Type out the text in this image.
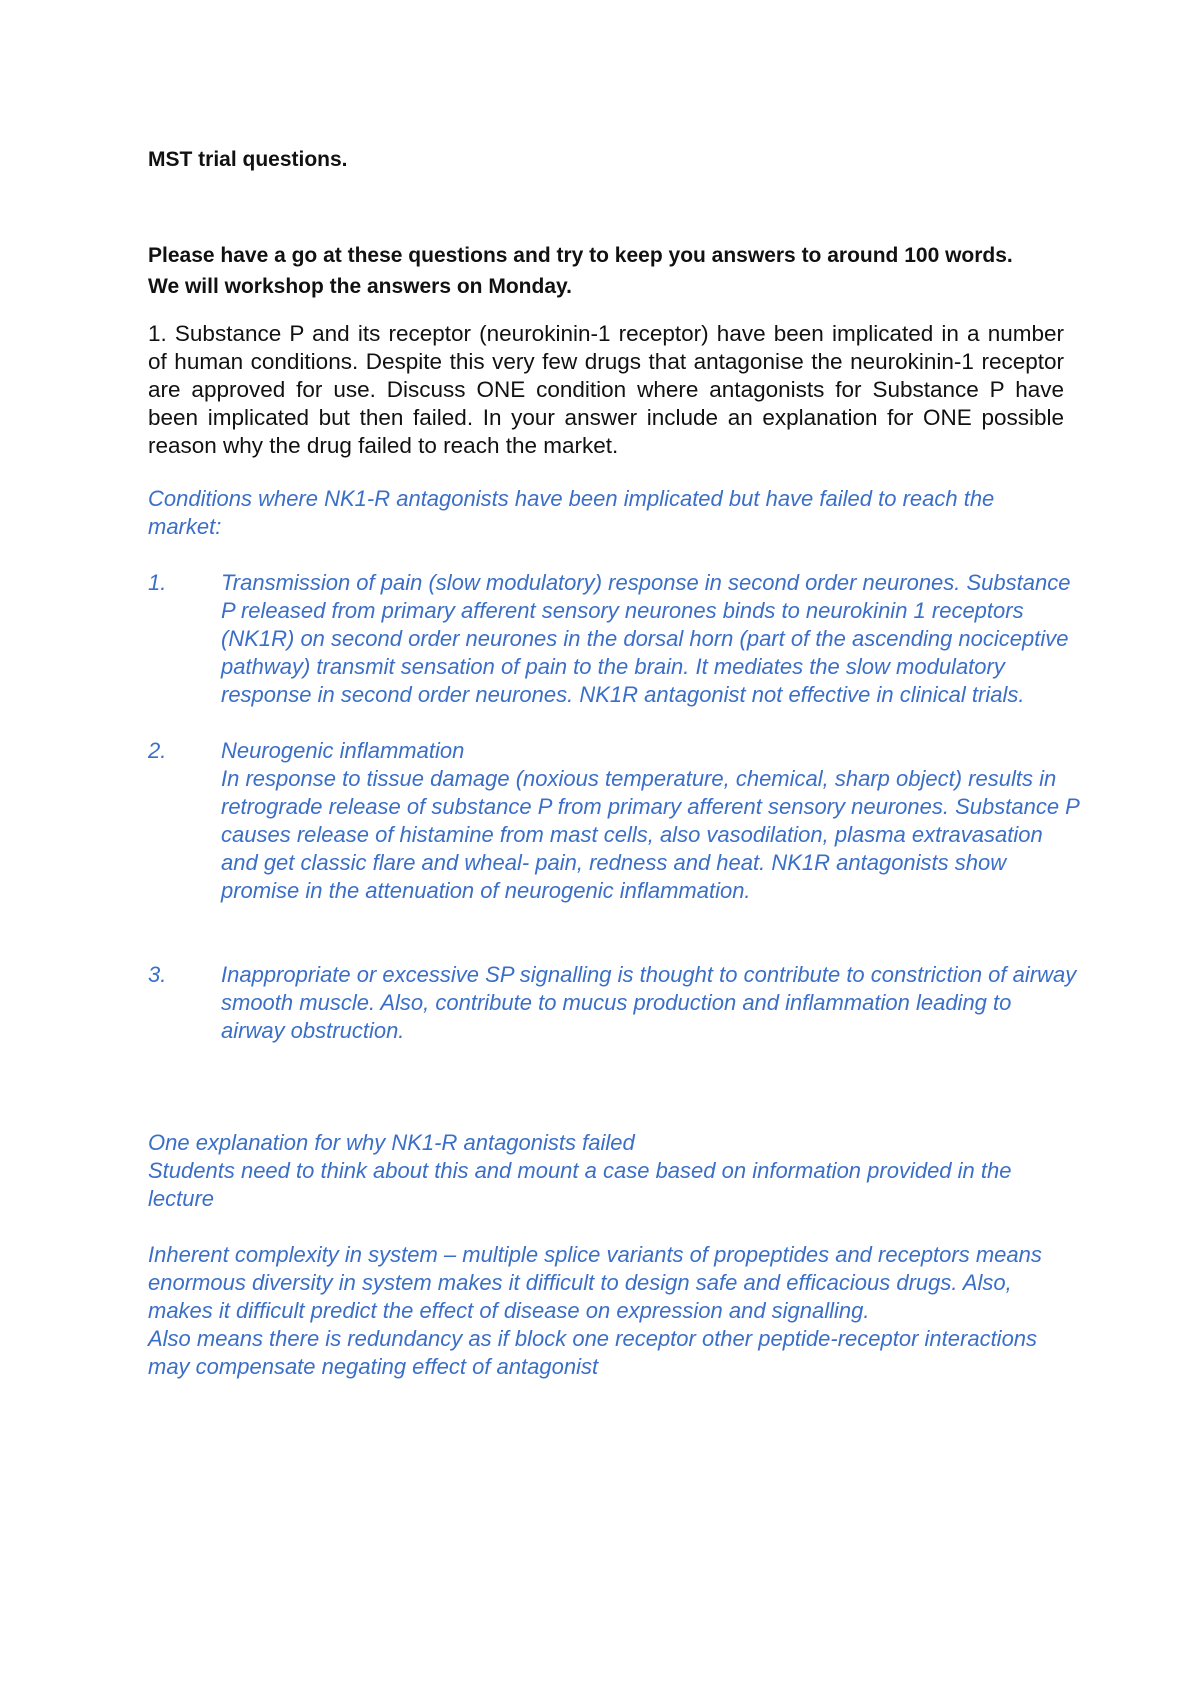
MST trial questions.
Please have a go at these questions and try to keep you answers to around 100 words.
We will workshop the answers on Monday.
1. Substance P and its receptor (neurokinin-1 receptor) have been implicated in a number of human conditions. Despite this very few drugs that antagonise the neurokinin-1 receptor are approved for use. Discuss ONE condition where antagonists for Substance P have been implicated but then failed. In your answer include an explanation for ONE possible reason why the drug failed to reach the market.
Conditions where NK1-R antagonists have been implicated but have failed to reach the market:
1. Transmission of pain (slow modulatory) response in second order neurones. Substance P released from primary afferent sensory neurones binds to neurokinin 1 receptors (NK1R) on second order neurones in the dorsal horn (part of the ascending nociceptive pathway) transmit sensation of pain to the brain. It mediates the slow modulatory response in second order neurones. NK1R antagonist not effective in clinical trials.
2. Neurogenic inflammation
In response to tissue damage (noxious temperature, chemical, sharp object) results in retrograde release of substance P from primary afferent sensory neurones. Substance P causes release of histamine from mast cells, also vasodilation, plasma extravasation and get classic flare and wheal- pain, redness and heat. NK1R antagonists show promise in the attenuation of neurogenic inflammation.
3. Inappropriate or excessive SP signalling is thought to contribute to constriction of airway smooth muscle. Also, contribute to mucus production and inflammation leading to airway obstruction.
One explanation for why NK1-R antagonists failed
Students need to think about this and mount a case based on information provided in the lecture
Inherent complexity in system – multiple splice variants of propeptides and receptors means enormous diversity in system makes it difficult to design safe and efficacious drugs. Also, makes it difficult predict the effect of disease on expression and signalling.
Also means there is redundancy as if block one receptor other peptide-receptor interactions may compensate negating effect of antagonist
